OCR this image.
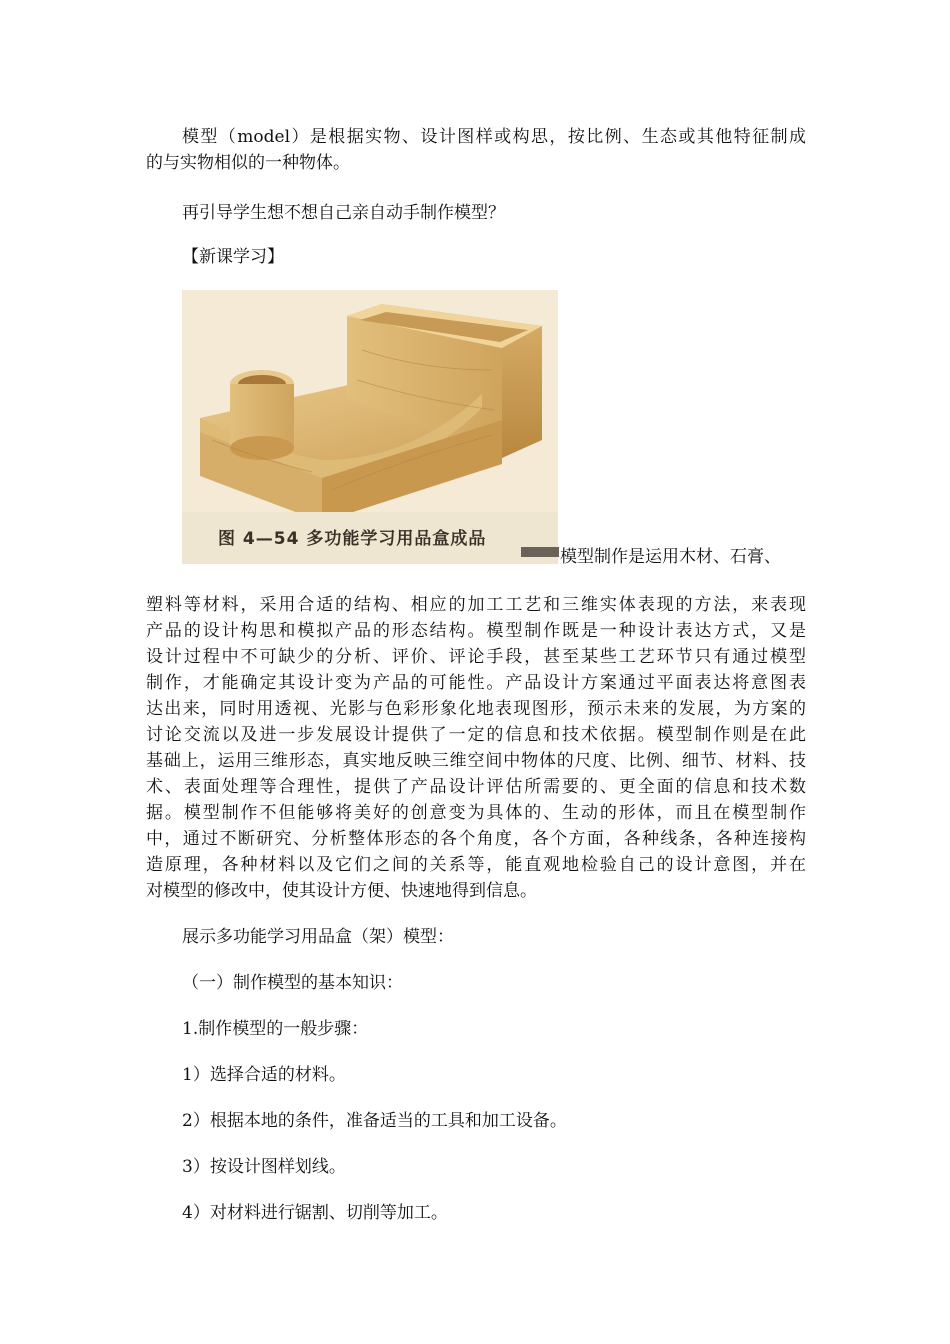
模型（model）是根据实物、设计图样或构思，按比例、生态或其他特征制成

的与实物相似的一种物体。

再引导学生想不想自己亲自动手制作模型？

【新课学习】

图 4—54 多功能学习用品盒成品
模型制作是运用木材、石膏、

塑料等材料，采用合适的结构、相应的加工工艺和三维实体表现的方法，来表现

产品的设计构思和模拟产品的形态结构。模型制作既是一种设计表达方式，又是

设计过程中不可缺少的分析、评价、评论手段，甚至某些工艺环节只有通过模型

制作，才能确定其设计变为产品的可能性。产品设计方案通过平面表达将意图表

达出来，同时用透视、光影与色彩形象化地表现图形，预示未来的发展，为方案的

讨论交流以及进一步发展设计提供了一定的信息和技术依据。模型制作则是在此

基础上，运用三维形态，真实地反映三维空间中物体的尺度、比例、细节、材料、技

术、表面处理等合理性，提供了产品设计评估所需要的、更全面的信息和技术数

据。模型制作不但能够将美好的创意变为具体的、生动的形体，而且在模型制作

中，通过不断研究、分析整体形态的各个角度，各个方面，各种线条，各种连接构

造原理，各种材料以及它们之间的关系等，能直观地检验自己的设计意图，并在

对模型的修改中，使其设计方便、快速地得到信息。

展示多功能学习用品盒（架）模型：

（一）制作模型的基本知识：

1.制作模型的一般步骤：

1）选择合适的材料。

2）根据本地的条件，准备适当的工具和加工设备。

3）按设计图样划线。

4）对材料进行锯割、切削等加工。
